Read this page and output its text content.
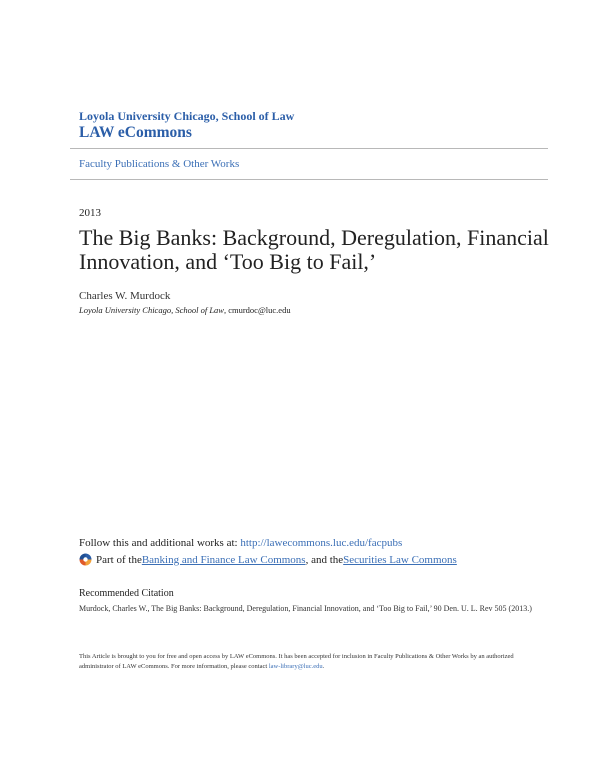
Loyola University Chicago, School of Law
LAW eCommons
Faculty Publications & Other Works
2013
The Big Banks: Background, Deregulation, Financial Innovation, and ‘Too Big to Fail,’
Charles W. Murdock
Loyola University Chicago, School of Law, cmurdoc@luc.edu
Follow this and additional works at: http://lawecommons.luc.edu/facpubs
Part of the Banking and Finance Law Commons , and the Securities Law Commons
Recommended Citation
Murdock, Charles W., The Big Banks: Background, Deregulation, Financial Innovation, and ‘Too Big to Fail,’ 90 Den. U. L. Rev 505 (2013.)
This Article is brought to you for free and open access by LAW eCommons. It has been accepted for inclusion in Faculty Publications & Other Works by an authorized administrator of LAW eCommons. For more information, please contact law-library@luc.edu.
